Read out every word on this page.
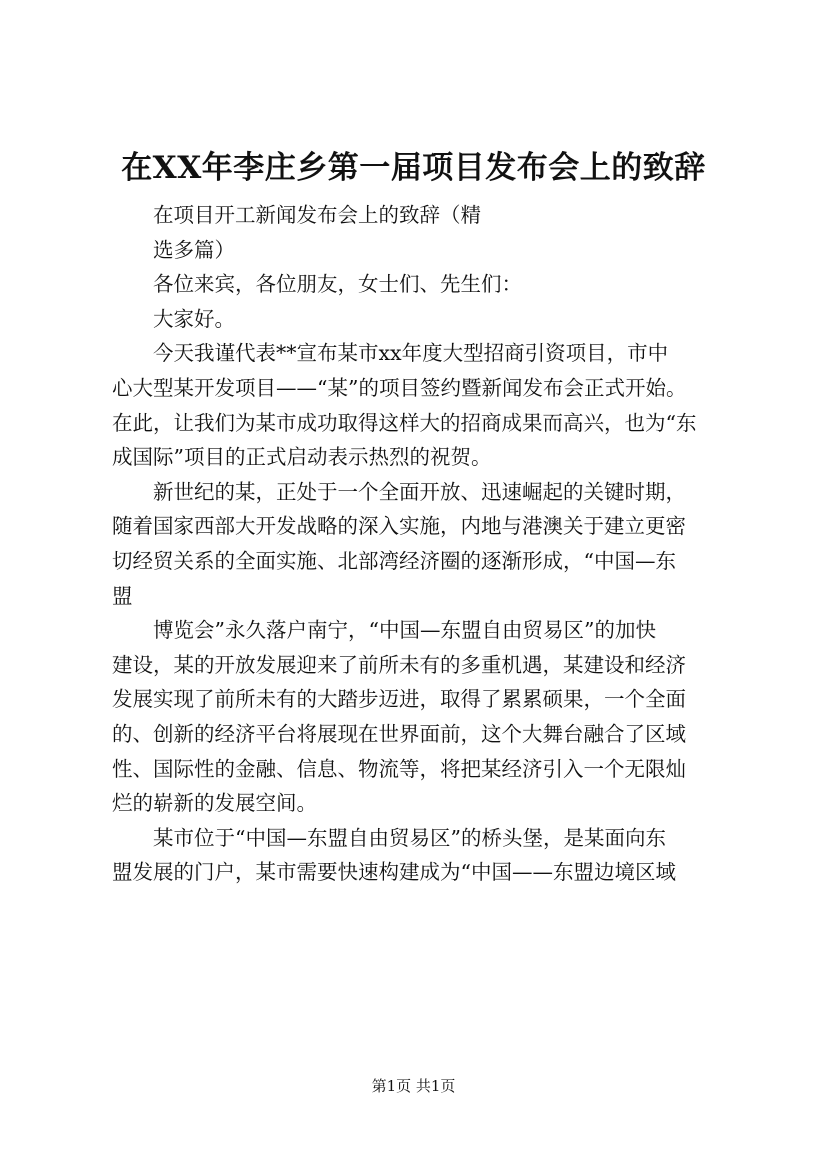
在XX年李庄乡第一届项目发布会上的致辞
　　在项目开工新闻发布会上的致辞（精
　　选多篇）
　　各位来宾，各位朋友，女士们、先生们：
　　大家好。
　　今天我谨代表**宣布某市xx年度大型招商引资项目，市中
心大型某开发项目——“某”的项目签约暨新闻发布会正式开始。
在此，让我们为某市成功取得这样大的招商成果而高兴，也为“东
成国际”项目的正式启动表示热烈的祝贺。
　　新世纪的某，正处于一个全面开放、迅速崛起的关键时期，
随着国家西部大开发战略的深入实施，内地与港澳关于建立更密
切经贸关系的全面实施、北部湾经济圈的逐渐形成，“中国—东
盟
　　博览会”永久落户南宁，“中国—东盟自由贸易区”的加快
建设，某的开放发展迎来了前所未有的多重机遇，某建设和经济
发展实现了前所未有的大踏步迈进，取得了累累硕果，一个全面
的、创新的经济平台将展现在世界面前，这个大舞台融合了区域
性、国际性的金融、信息、物流等，将把某经济引入一个无限灿
烂的崭新的发展空间。
　　某市位于“中国—东盟自由贸易区”的桥头堡，是某面向东
盟发展的门户，某市需要快速构建成为“中国——东盟边境区域
第1页 共1页
